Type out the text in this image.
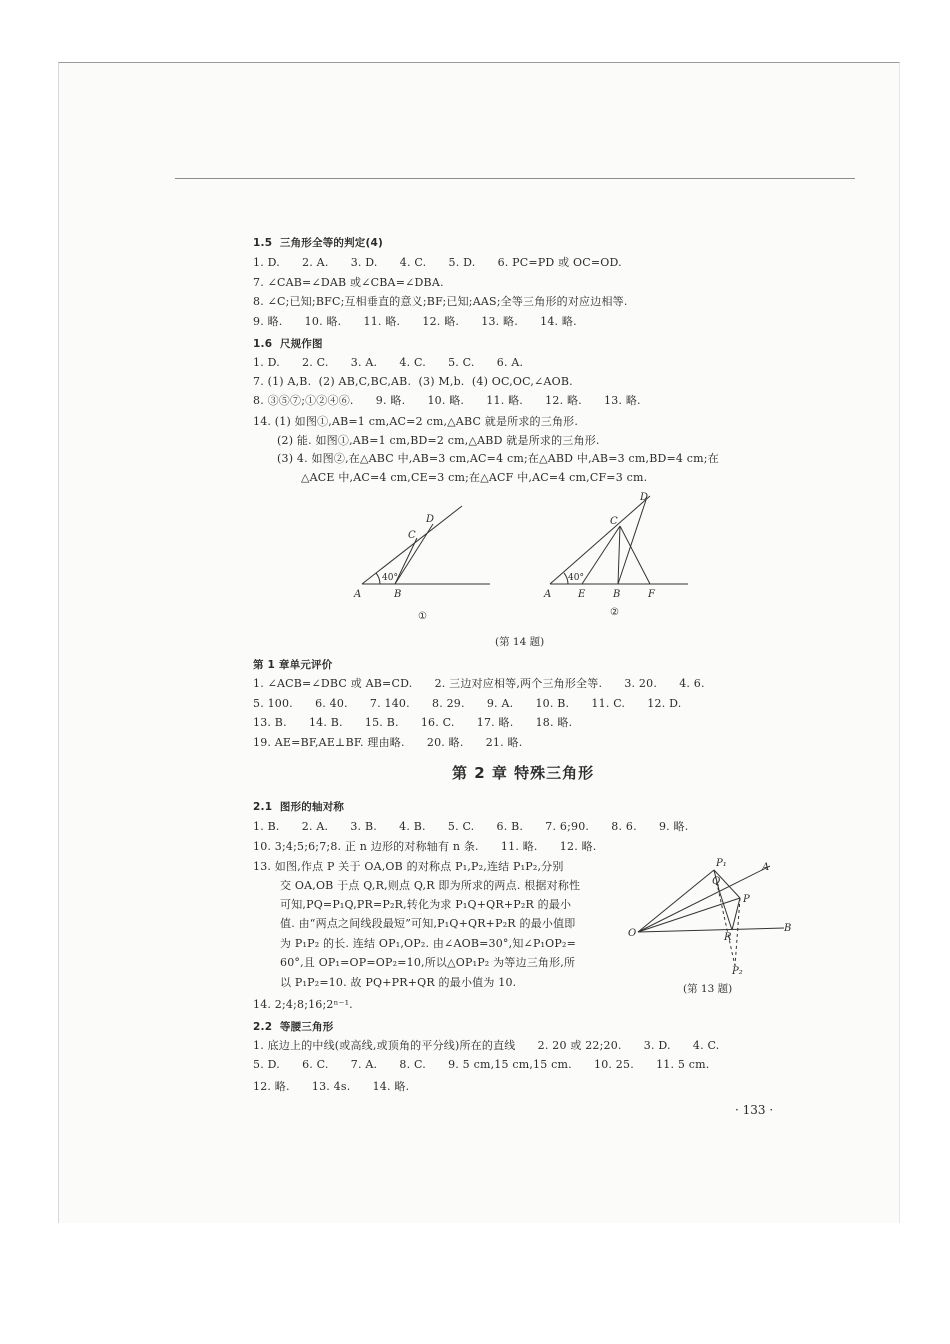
1.5  三角形全等的判定(4)
1. D.      2. A.      3. D.      4. C.      5. D.      6. PC=PD 或 OC=OD.
7. ∠CAB=∠DAB 或∠CBA=∠DBA.
8. ∠C;已知;BFC;互相垂直的意义;BF;已知;AAS;全等三角形的对应边相等.
9. 略.      10. 略.      11. 略.      12. 略.      13. 略.      14. 略.
1.6  尺规作图
1. D.      2. C.      3. A.      4. C.      5. C.      6. A.
7. (1) A,B.  (2) AB,C,BC,AB.  (3) M,b.  (4) OC,OC,∠AOB.
8. ③⑤⑦;①②④⑥.      9. 略.      10. 略.      11. 略.      12. 略.      13. 略.
14. (1) 如图①,AB=1 cm,AC=2 cm,△ABC 就是所求的三角形.
(2) 能. 如图①,AB=1 cm,BD=2 cm,△ABD 就是所求的三角形.
(3) 4. 如图②,在△ABC 中,AB=3 cm,AC=4 cm;在△ABD 中,AB=3 cm,BD=4 cm;在
△ACE 中,AC=4 cm,CE=3 cm;在△ACF 中,AC=4 cm,CF=3 cm.
A	B
C
D
40°
①
A	E	B	F
C
D
40°
②
(第 14 题)
第 1 章单元评价
1. ∠ACB=∠DBC 或 AB=CD.      2. 三边对应相等,两个三角形全等.      3. 20.      4. 6.
5. 100.      6. 40.      7. 140.      8. 29.      9. A.      10. B.      11. C.      12. D.
13. B.      14. B.      15. B.      16. C.      17. 略.      18. 略.
19. AE=BF,AE⊥BF. 理由略.      20. 略.      21. 略.
第 2 章 特殊三角形
2.1  图形的轴对称
1. B.      2. A.      3. B.      4. B.      5. C.      6. B.      7. 6;90.      8. 6.      9. 略.
10. 3;4;5;6;7;8. 正 n 边形的对称轴有 n 条.      11. 略.      12. 略.
13. 如图,作点 P 关于 OA,OB 的对称点 P₁,P₂,连结 P₁P₂,分别
交 OA,OB 于点 Q,R,则点 Q,R 即为所求的两点. 根据对称性
可知,PQ=P₁Q,PR=P₂R,转化为求 P₁Q+QR+P₂R 的最小
值. 由“两点之间线段最短”可知,P₁Q+QR+P₂R 的最小值即
为 P₁P₂ 的长. 连结 OP₁,OP₂. 由∠AOB=30°,知∠P₁OP₂=
60°,且 OP₁=OP=OP₂=10,所以△OP₁P₂ 为等边三角形,所
以 P₁P₂=10. 故 PQ+PR+QR 的最小值为 10.
14. 2;4;8;16;2ⁿ⁻¹.
P₁	A
Q
P
O	R
B
P₂
(第 13 题)
2.2  等腰三角形
1. 底边上的中线(或高线,或顶角的平分线)所在的直线      2. 20 或 22;20.      3. D.      4. C.
5. D.      6. C.      7. A.      8. C.      9. 5 cm,15 cm,15 cm.      10. 25.      11. 5 cm.
12. 略.      13. 4s.      14. 略.
· 133 ·
